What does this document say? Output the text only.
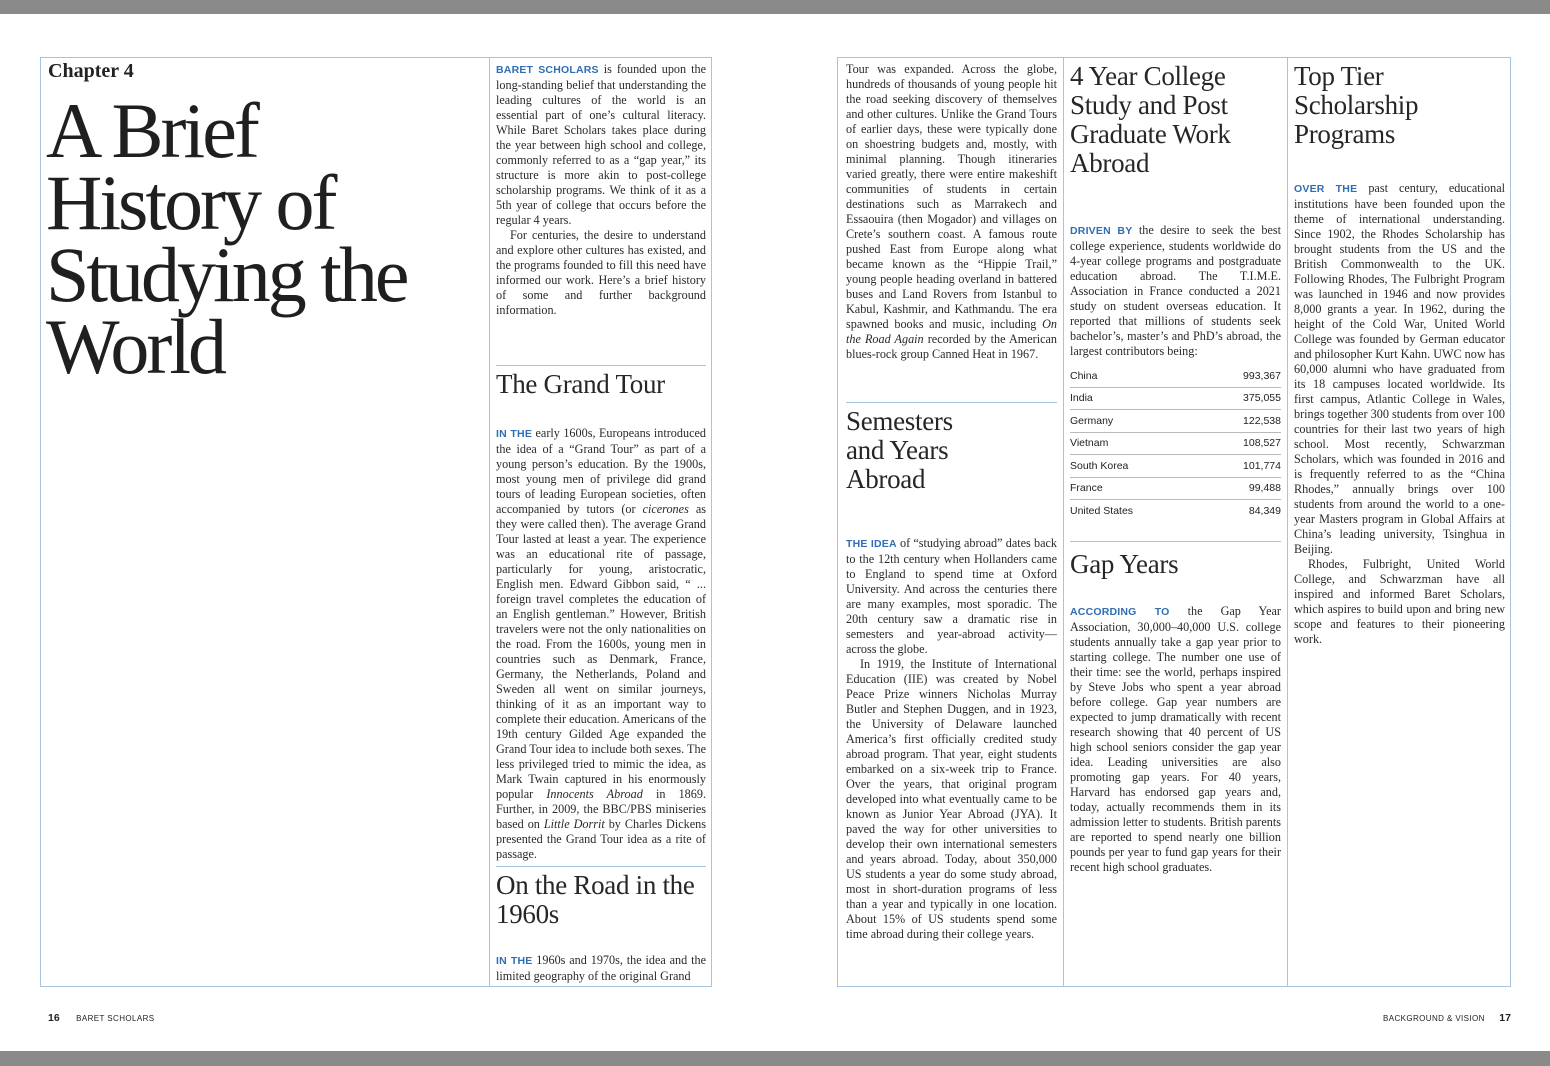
Chapter 4
A Brief History of Studying the World

BARET SCHOLARS is founded upon the long-standing belief that understanding the leading cultures of the world is an essential part of one’s cultural literacy. While Baret Scholars takes place during the year between high school and college, commonly referred to as a “gap year,” its structure is more akin to post-college scholarship programs. We think of it as a 5th year of college that occurs before the regular 4 years.

For centuries, the desire to understand and explore other cultures has existed, and the programs founded to fill this need have informed our work. Here’s a brief history of some and further background information.

The Grand Tour

IN THE early 1600s, Europeans introduced the idea of a “Grand Tour” as part of a young person’s education. By the 1900s, most young men of privilege did grand tours of leading European societies, often accompanied by tutors (or cicerones as they were called then). The average Grand Tour lasted at least a year. The experience was an educational rite of passage, particularly for young, aristocratic, English men. Edward Gibbon said, “ ... foreign travel completes the education of an English gentleman.” However, British travelers were not the only nationalities on the road. From the 1600s, young men in countries such as Denmark, France, Germany, the Netherlands, Poland and Sweden all went on similar journeys, thinking of it as an important way to complete their education. Americans of the 19th century Gilded Age expanded the Grand Tour idea to include both sexes. The less privileged tried to mimic the idea, as Mark Twain captured in his enormously popular Innocents Abroad in 1869. Further, in 2009, the BBC/PBS miniseries based on Little Dorrit by Charles Dickens presented the Grand Tour idea as a rite of passage.

On the Road in the 1960s

IN THE 1960s and 1970s, the idea and the limited geography of the original Grand

16 BARET SCHOLARS

Tour was expanded. Across the globe, hundreds of thousands of young people hit the road seeking discovery of themselves and other cultures. Unlike the Grand Tours of earlier days, these were typically done on shoestring budgets and, mostly, with minimal planning. Though itineraries varied greatly, there were entire makeshift communities of students in certain destinations such as Marrakech and Essaouira (then Mogador) and villages on Crete’s southern coast. A famous route pushed East from Europe along what became known as the “Hippie Trail,” young people heading overland in battered buses and Land Rovers from Istanbul to Kabul, Kashmir, and Kathmandu. The era spawned books and music, including On the Road Again recorded by the American blues-rock group Canned Heat in 1967.

Semesters and Years Abroad

THE IDEA of “studying abroad” dates back to the 12th century when Hollanders came to England to spend time at Oxford University. And across the centuries there are many examples, most sporadic. The 20th century saw a dramatic rise in semesters and year-abroad activity—across the globe.

In 1919, the Institute of International Education (IIE) was created by Nobel Peace Prize winners Nicholas Murray Butler and Stephen Duggen, and in 1923, the University of Delaware launched America’s first officially credited study abroad program. That year, eight students embarked on a six-week trip to France. Over the years, that original program developed into what eventually came to be known as Junior Year Abroad (JYA). It paved the way for other universities to develop their own international semesters and years abroad. Today, about 350,000 US students a year do some study abroad, most in short-duration programs of less than a year and typically in one location. About 15% of US students spend some time abroad during their college years.

4 Year College Study and Post Graduate Work Abroad

DRIVEN BY the desire to seek the best college experience, students worldwide do 4-year college programs and postgraduate education abroad. The T.I.M.E. Association in France conducted a 2021 study on student overseas education. It reported that millions of students seek bachelor’s, master’s and PhD’s abroad, the largest contributors being:

China	993,367
India	375,055
Germany	122,538
Vietnam	108,527
South Korea	101,774
France	99,488
United States	84,349
Gap Years

ACCORDING TO the Gap Year Association, 30,000–40,000 U.S. college students annually take a gap year prior to starting college. The number one use of their time: see the world, perhaps inspired by Steve Jobs who spent a year abroad before college. Gap year numbers are expected to jump dramatically with recent research showing that 40 percent of US high school seniors consider the gap year idea. Leading universities are also promoting gap years. For 40 years, Harvard has endorsed gap years and, today, actually recommends them in its admission letter to students. British parents are reported to spend nearly one billion pounds per year to fund gap years for their recent high school graduates.

Top Tier Scholarship Programs

OVER THE past century, educational institutions have been founded upon the theme of international understanding. Since 1902, the Rhodes Scholarship has brought students from the US and the British Commonwealth to the UK. Following Rhodes, The Fulbright Program was launched in 1946 and now provides 8,000 grants a year. In 1962, during the height of the Cold War, United World College was founded by German educator and philosopher Kurt Kahn. UWC now has 60,000 alumni who have graduated from its 18 campuses located worldwide. Its first campus, Atlantic College in Wales, brings together 300 students from over 100 countries for their last two years of high school. Most recently, Schwarzman Scholars, which was founded in 2016 and is frequently referred to as the “China Rhodes,” annually brings over 100 students from around the world to a one-year Masters program in Global Affairs at China’s leading university, Tsinghua in Beijing.

Rhodes, Fulbright, United World College, and Schwarzman have all inspired and informed Baret Scholars, which aspires to build upon and bring new scope and features to their pioneering work.

BACKGROUND & VISION 17
